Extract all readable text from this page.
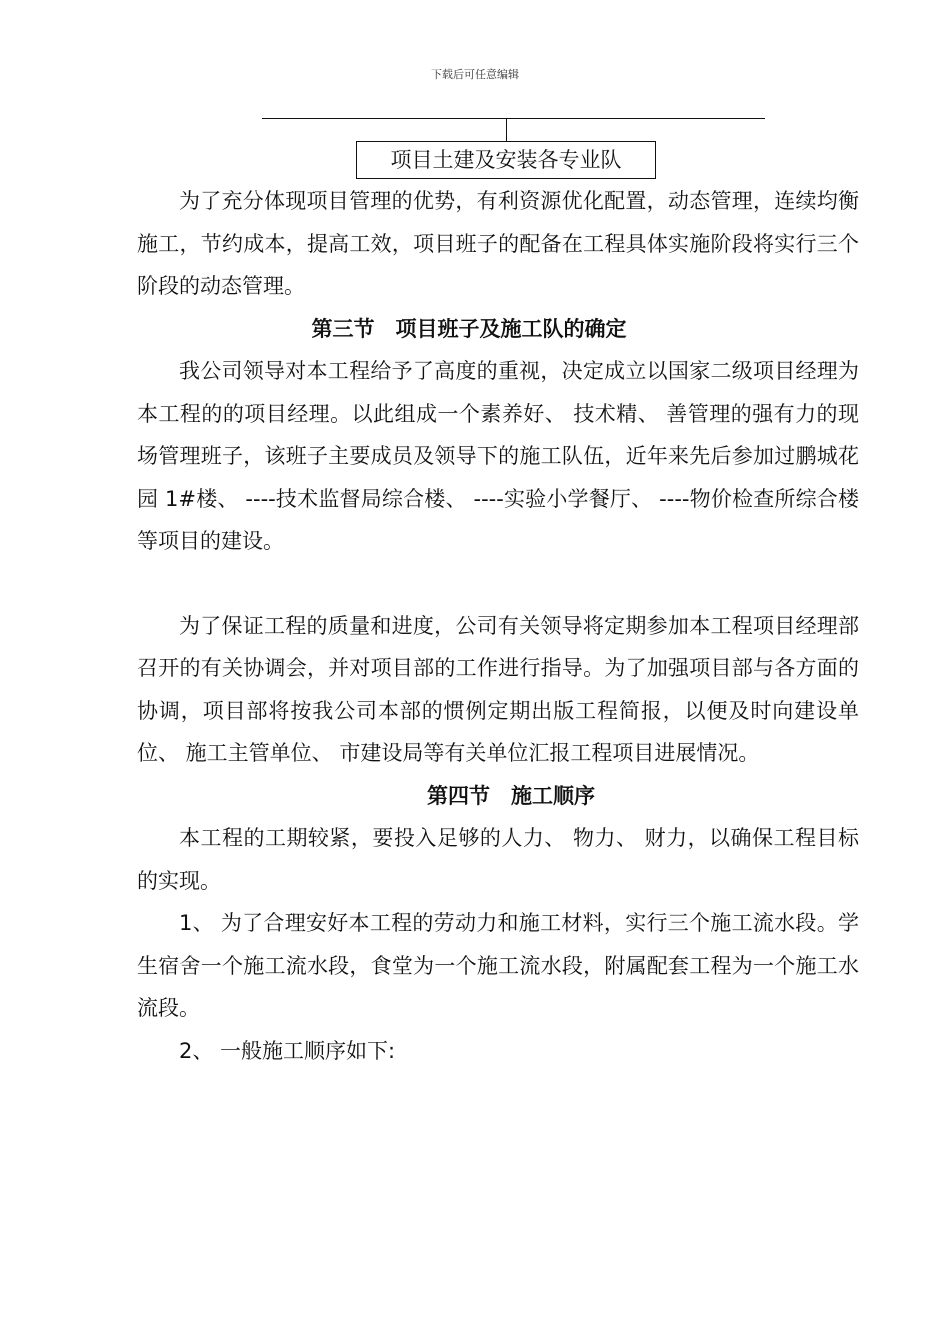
下载后可任意编辑
项目土建及安装各专业队

为了充分体现项目管理的优势，有利资源优化配置，动态管理，连续均衡施工，节约成本，提高工效，项目班子的配备在工程具体实施阶段将实行三个阶段的动态管理。

第三节　项目班子及施工队的确定

我公司领导对本工程给予了高度的重视，决定成立以国家二级项目经理为本工程的的项目经理。以此组成一个素养好、 技术精、 善管理的强有力的现场管理班子，该班子主要成员及领导下的施工队伍，近年来先后参加过鹏城花园 1#楼、 ----技术监督局综合楼、 ----实验小学餐厅、 ----物价检查所综合楼等项目的建设。

为了保证工程的质量和进度，公司有关领导将定期参加本工程项目经理部召开的有关协调会，并对项目部的工作进行指导。为了加强项目部与各方面的协调，项目部将按我公司本部的惯例定期出版工程简报，以便及时向建设单位、 施工主管单位、 市建设局等有关单位汇报工程项目进展情况。

第四节　施工顺序

本工程的工期较紧，要投入足够的人力、 物力、 财力，以确保工程目标的实现。

1、 为了合理安好本工程的劳动力和施工材料，实行三个施工流水段。学生宿舍一个施工流水段，食堂为一个施工流水段，附属配套工程为一个施工水流段。

2、 一般施工顺序如下:
